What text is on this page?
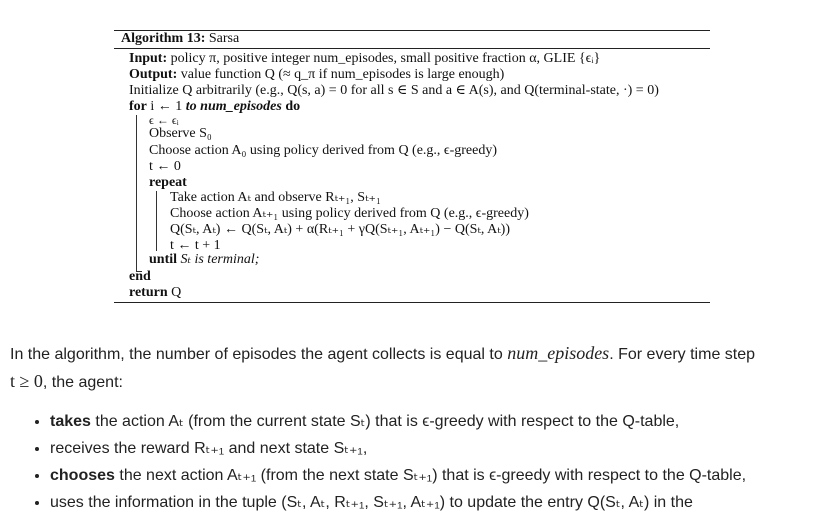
Algorithm 13: Sarsa
Input: policy π, positive integer num_episodes, small positive fraction α, GLIE {ϵᵢ}
Output: value function Q (≈ q_π if num_episodes is large enough)
Initialize Q arbitrarily (e.g., Q(s, a) = 0 for all s ∈ S and a ∈ A(s), and Q(terminal-state, ·) = 0)
for i ← 1 to num_episodes do
ϵ ← ϵᵢ
Observe S₀
Choose action A₀ using policy derived from Q (e.g., ϵ-greedy)
t ← 0
repeat
Take action Aₜ and observe Rₜ₊₁, Sₜ₊₁
Choose action Aₜ₊₁ using policy derived from Q (e.g., ϵ-greedy)
Q(Sₜ, Aₜ) ← Q(Sₜ, Aₜ) + α(Rₜ₊₁ + γQ(Sₜ₊₁, Aₜ₊₁) − Q(Sₜ, Aₜ))
t ← t + 1
until Sₜ is terminal;
end
return Q
In the algorithm, the number of episodes the agent collects is equal to num_episodes. For every time step
t ≥ 0, the agent:
• takes the action Aₜ (from the current state Sₜ) that is ϵ-greedy with respect to the Q-table,
• receives the reward Rₜ₊₁ and next state Sₜ₊₁,
• chooses the next action Aₜ₊₁ (from the next state Sₜ₊₁) that is ϵ-greedy with respect to the Q-table,
• uses the information in the tuple (Sₜ, Aₜ, Rₜ₊₁, Sₜ₊₁, Aₜ₊₁) to update the entry Q(Sₜ, Aₜ) in the
